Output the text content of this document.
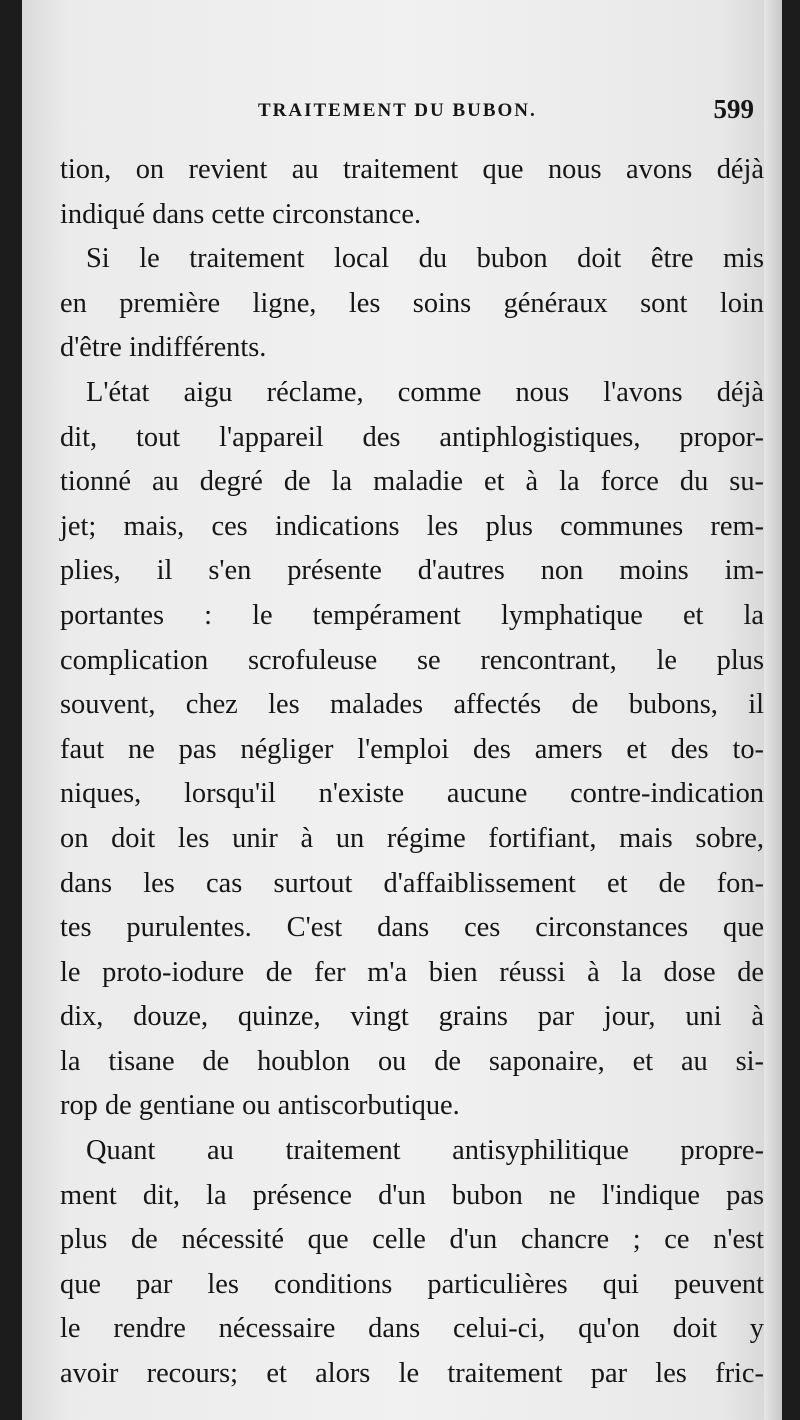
TRAITEMENT DU BUBON.	599
tion, on revient au traitement que nous avons déjà
indiqué dans cette circonstance.
Si le traitement local du bubon doit être mis
en première ligne, les soins généraux sont loin
d'être indifférents.
L'état aigu réclame, comme nous l'avons déjà
dit, tout l'appareil des antiphlogistiques, propor-
tionné au degré de la maladie et à la force du su-
jet; mais, ces indications les plus communes rem-
plies, il s'en présente d'autres non moins im-
portantes : le tempérament lymphatique et la
complication scrofuleuse se rencontrant, le plus
souvent, chez les malades affectés de bubons, il
faut ne pas négliger l'emploi des amers et des to-
niques, lorsqu'il n'existe aucune contre-indication
on doit les unir à un régime fortifiant, mais sobre,
dans les cas surtout d'affaiblissement et de fon-
tes purulentes. C'est dans ces circonstances que
le proto-iodure de fer m'a bien réussi à la dose de
dix, douze, quinze, vingt grains par jour, uni à
la tisane de houblon ou de saponaire, et au si-
rop de gentiane ou antiscorbutique.
Quant au traitement antisyphilitique propre-
ment dit, la présence d'un bubon ne l'indique pas
plus de nécessité que celle d'un chancre ; ce n'est
que par les conditions particulières qui peuvent
le rendre nécessaire dans celui-ci, qu'on doit y
avoir recours; et alors le traitement par les fric-
